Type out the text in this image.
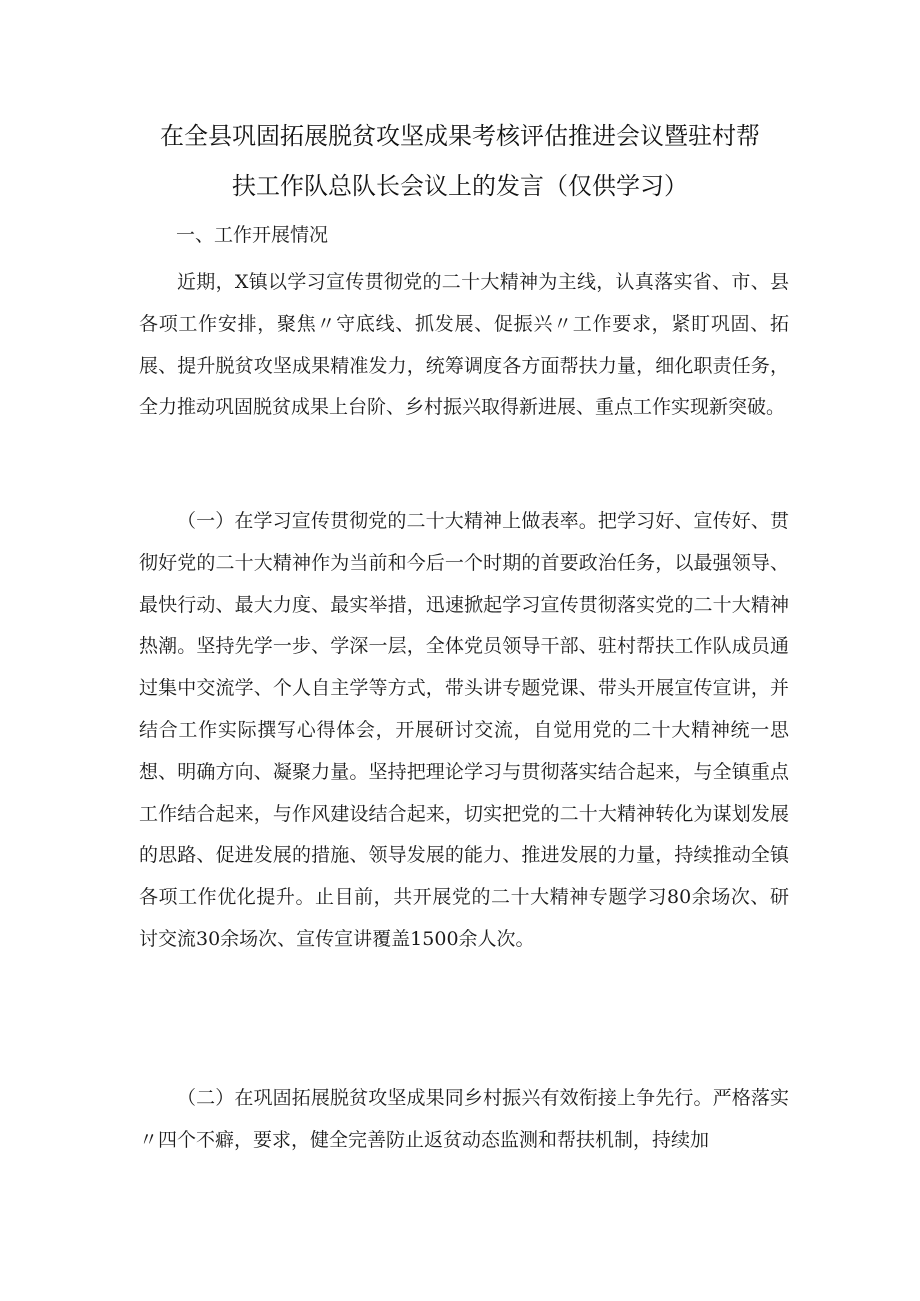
在全县巩固拓展脱贫攻坚成果考核评估推进会议暨驻村帮
扶工作队总队长会议上的发言（仅供学习）
一、工作开展情况
近期，X镇以学习宣传贯彻党的二十大精神为主线，认真落实省、市、县各项工作安排，聚焦〃守底线、抓发展、促振兴〃工作要求，紧盯巩固、拓展、提升脱贫攻坚成果精准发力，统筹调度各方面帮扶力量，细化职责任务，全力推动巩固脱贫成果上台阶、乡村振兴取得新进展、重点工作实现新突破。
（一）在学习宣传贯彻党的二十大精神上做表率。把学习好、宣传好、贯彻好党的二十大精神作为当前和今后一个时期的首要政治任务，以最强领导、最快行动、最大力度、最实举措，迅速掀起学习宣传贯彻落实党的二十大精神热潮。坚持先学一步、学深一层，全体党员领导干部、驻村帮扶工作队成员通过集中交流学、个人自主学等方式，带头讲专题党课、带头开展宣传宣讲，并结合工作实际撰写心得体会，开展研讨交流，自觉用党的二十大精神统一思想、明确方向、凝聚力量。坚持把理论学习与贯彻落实结合起来，与全镇重点工作结合起来，与作风建设结合起来，切实把党的二十大精神转化为谋划发展的思路、促进发展的措施、领导发展的能力、推进发展的力量，持续推动全镇各项工作优化提升。止目前，共开展党的二十大精神专题学习80余场次、研讨交流30余场次、宣传宣讲覆盖1500余人次。
（二）在巩固拓展脱贫攻坚成果同乡村振兴有效衔接上争先行。严格落实〃四个不癖，要求，健全完善防止返贫动态监测和帮扶机制，持续加
